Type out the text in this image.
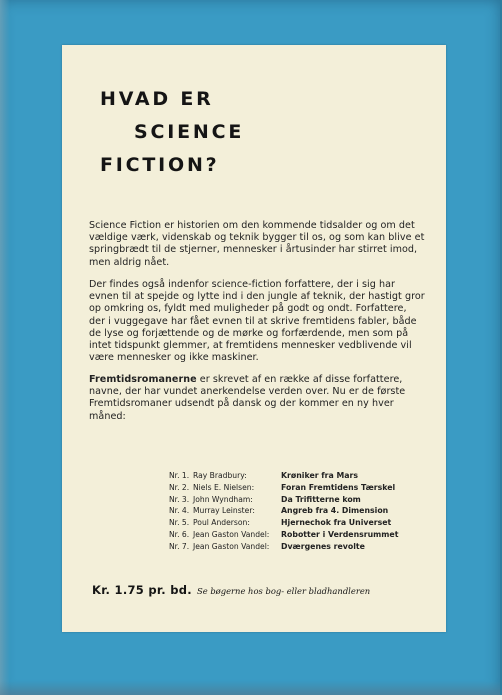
HVAD ER
SCIENCE
FICTION?
Science Fiction er historien om den kommende tidsalder og om det vældige værk, videnskab og teknik bygger til os, og som kan blive et springbrædt til de stjerner, mennesker i årtusinder har stirret imod, men aldrig nået.
Der findes også indenfor science-fiction forfattere, der i sig har evnen til at spejde og lytte ind i den jungle af teknik, der hastigt gror op omkring os, fyldt med muligheder på godt og ondt. Forfattere, der i vuggegave har fået evnen til at skrive fremtidens fabler, både de lyse og forjættende og de mørke og forfærdende, men som på intet tidspunkt glemmer, at fremtidens mennesker vedblivende vil være mennesker og ikke maskiner.
Fremtidsromanerne er skrevet af en række af disse forfattere, navne, der har vundet anerkendelse verden over. Nu er de første Fremtidsromaner udsendt på dansk og der kommer en ny hver måned:
Nr. 1. Ray Bradbury:	Krøniker fra Mars
Nr. 2. Niels E. Nielsen:	Foran Fremtidens Tærskel
Nr. 3. John Wyndham:	Da Trifitterne kom
Nr. 4. Murray Leinster:	Angreb fra 4. Dimension
Nr. 5. Poul Anderson:	Hjernechok fra Universet
Nr. 6. Jean Gaston Vandel:	Robotter i Verdensrummet
Nr. 7. Jean Gaston Vandel:	Dværgenes revolte
Kr. 1.75 pr. bd. Se bøgerne hos bog- eller bladhandleren
